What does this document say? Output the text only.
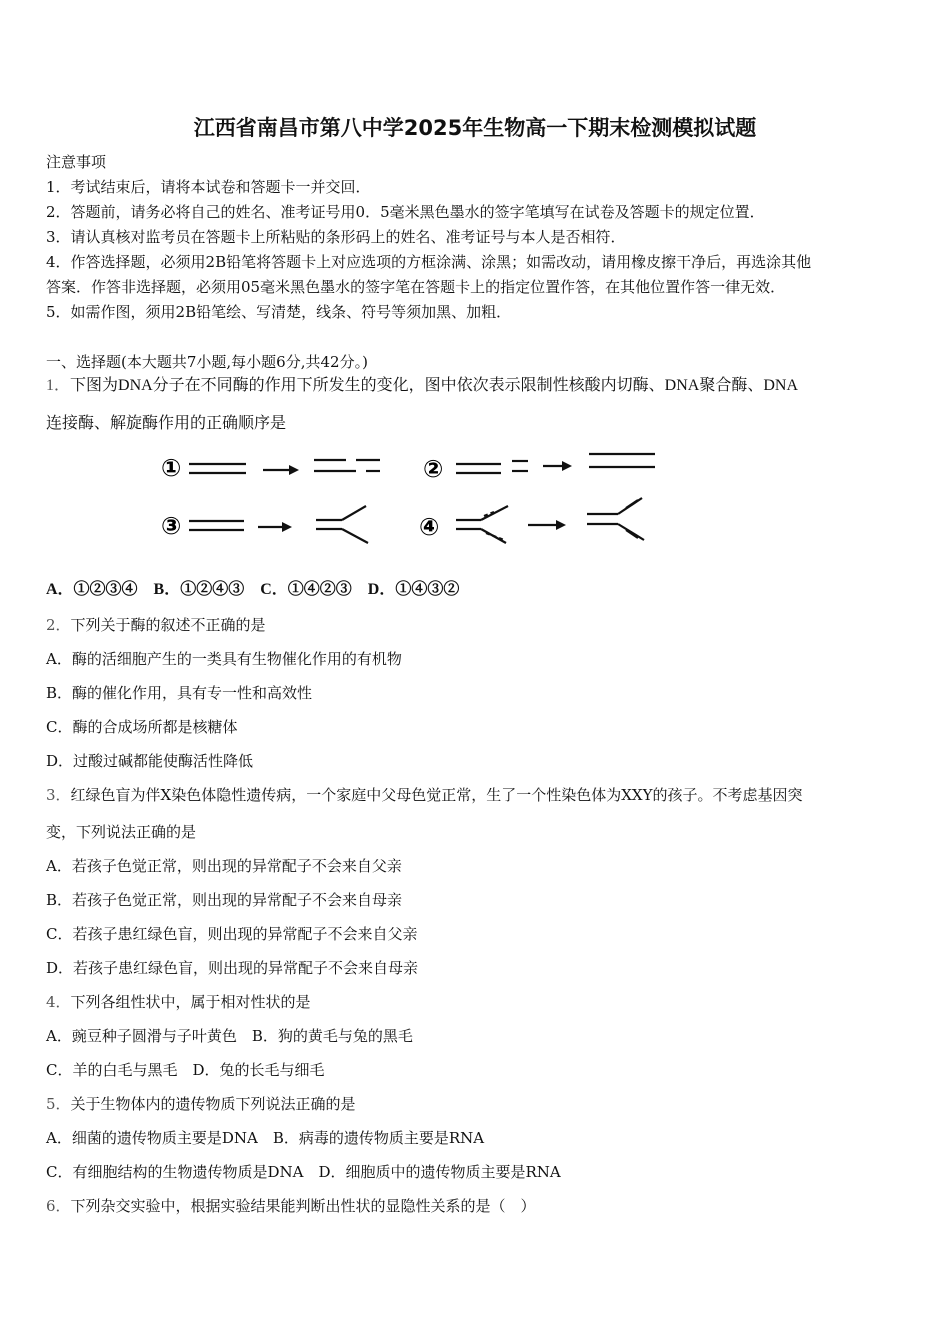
江西省南昌市第八中学2025年生物高一下期末检测模拟试题
注意事项
1．考试结束后，请将本试卷和答题卡一并交回．
2．答题前，请务必将自己的姓名、准考证号用0．5毫米黑色墨水的签字笔填写在试卷及答题卡的规定位置．
3．请认真核对监考员在答题卡上所粘贴的条形码上的姓名、准考证号与本人是否相符．
4．作答选择题，必须用2B铅笔将答题卡上对应选项的方框涂满、涂黑；如需改动，请用橡皮擦干净后，再选涂其他
答案．作答非选择题，必须用05毫米黑色墨水的签字笔在答题卡上的指定位置作答，在其他位置作答一律无效．
5．如需作图，须用2B铅笔绘、写清楚，线条、符号等须加黑、加粗．
一、选择题(本大题共7小题,每小题6分,共42分。)
1．下图为DNA分子在不同酶的作用下所发生的变化，图中依次表示限制性核酸内切酶、DNA聚合酶、DNA
连接酶、解旋酶作用的正确顺序是
①	②
③	④
A．①②③④　B．①②④③　C．①④②③　D．①④③②
2．下列关于酶的叙述不正确的是
A．酶的活细胞产生的一类具有生物催化作用的有机物
B．酶的催化作用，具有专一性和高效性
C．酶的合成场所都是核糖体
D．过酸过碱都能使酶活性降低
3．红绿色盲为伴X染色体隐性遗传病，一个家庭中父母色觉正常，生了一个性染色体为XXY的孩子。不考虑基因突
变，下列说法正确的是
A．若孩子色觉正常，则出现的异常配子不会来自父亲
B．若孩子色觉正常，则出现的异常配子不会来自母亲
C．若孩子患红绿色盲，则出现的异常配子不会来自父亲
D．若孩子患红绿色盲，则出现的异常配子不会来自母亲
4．下列各组性状中，属于相对性状的是
A．豌豆种子圆滑与子叶黄色　B．狗的黄毛与兔的黑毛
C．羊的白毛与黑毛　D．兔的长毛与细毛
5．关于生物体内的遗传物质下列说法正确的是
A．细菌的遗传物质主要是DNA　B．病毒的遗传物质主要是RNA
C．有细胞结构的生物遗传物质是DNA　D．细胞质中的遗传物质主要是RNA
6．下列杂交实验中，根据实验结果能判断出性状的显隐性关系的是（　）
